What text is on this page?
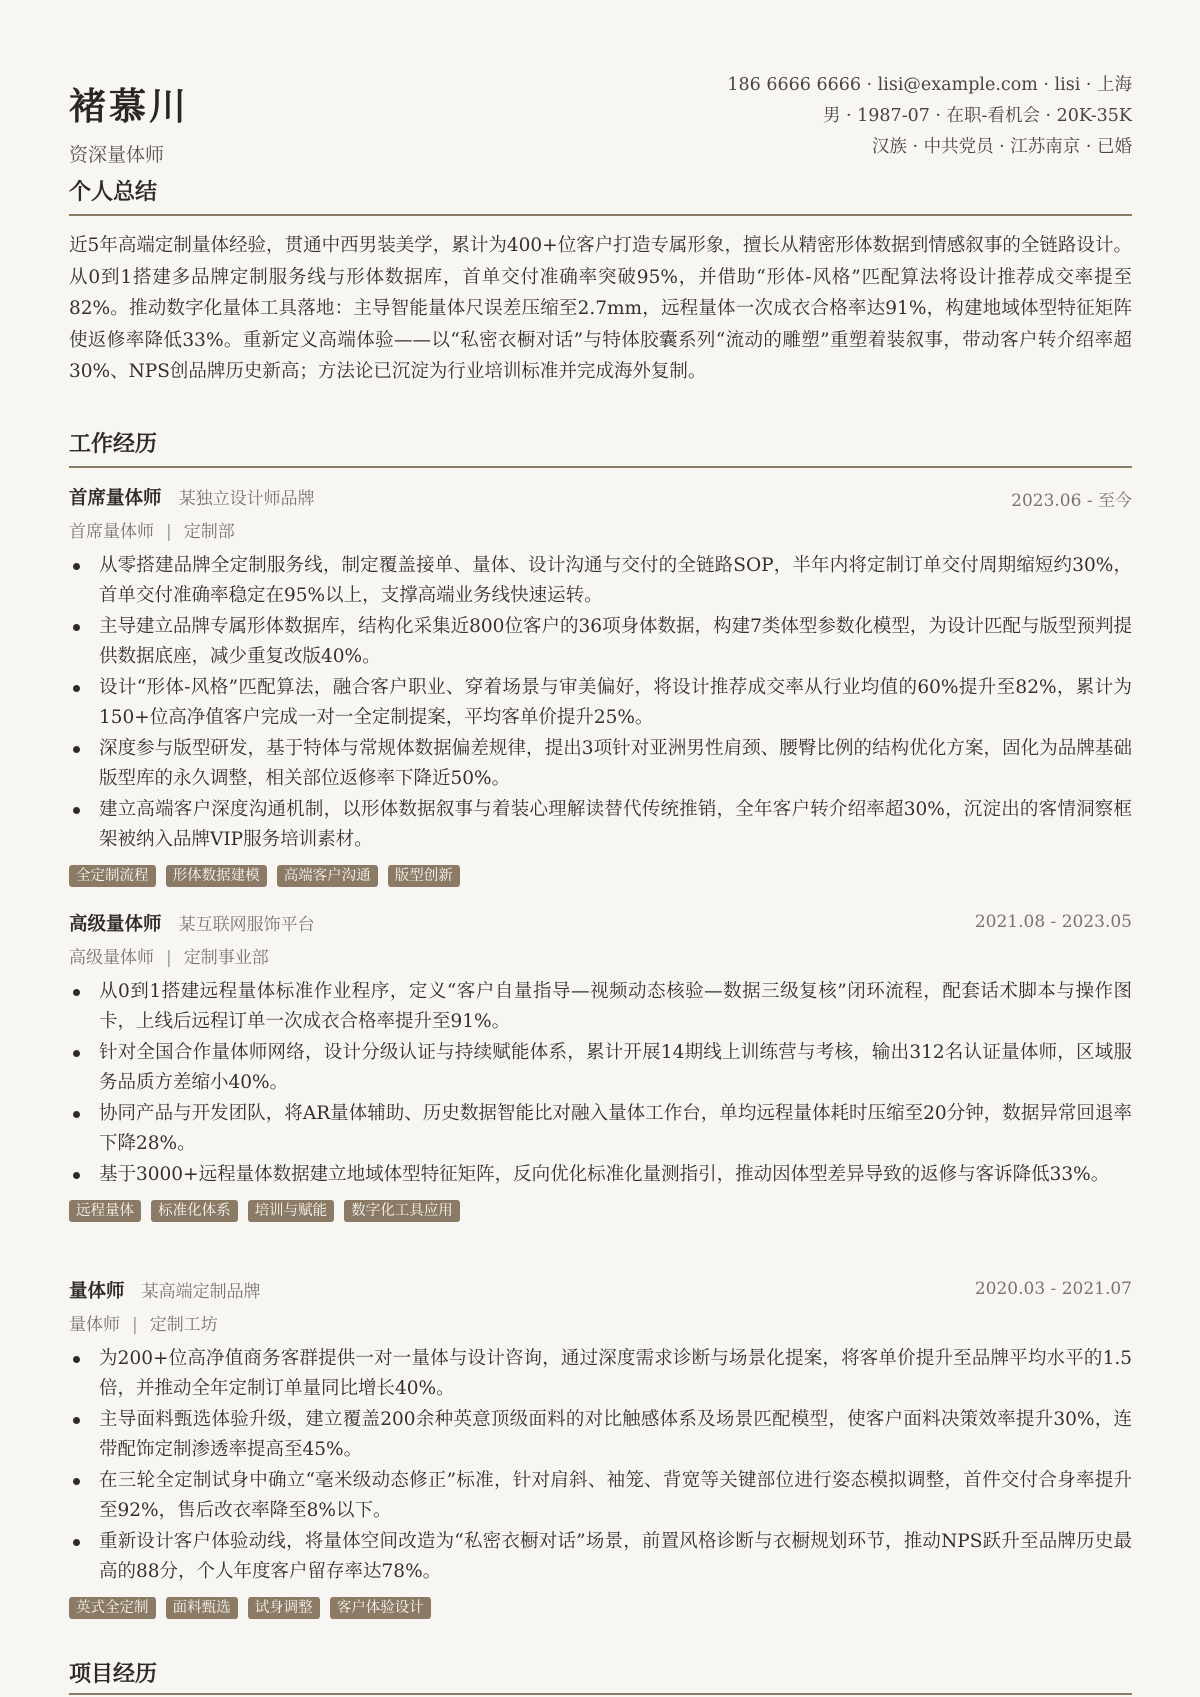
褚慕川
资深量体师
186 6666 6666 · lisi@example.com · lisi · 上海
男 · 1987-07 · 在职-看机会 · 20K-35K
汉族 · 中共党员 · 江苏南京 · 已婚
个人总结
近5年高端定制量体经验，贯通中西男装美学，累计为400+位客户打造专属形象，擅长从精密形体数据到情感叙事的全链路设计。从0到1搭建多品牌定制服务线与形体数据库，首单交付准确率突破95%，并借助“形体-风格”匹配算法将设计推荐成交率提至82%。推动数字化量体工具落地：主导智能量体尺误差压缩至2.7mm，远程量体一次成衣合格率达91%，构建地域体型特征矩阵使返修率降低33%。重新定义高端体验——以“私密衣橱对话”与特体胶囊系列“流动的雕塑”重塑着装叙事，带动客户转介绍率超30%、NPS创品牌历史新高；方法论已沉淀为行业培训标准并完成海外复制。
工作经历
首席量体师 某独立设计师品牌	2023.06 - 至今
首席量体师 | 定制部
从零搭建品牌全定制服务线，制定覆盖接单、量体、设计沟通与交付的全链路SOP，半年内将定制订单交付周期缩短约30%，首单交付准确率稳定在95%以上，支撑高端业务线快速运转。
主导建立品牌专属形体数据库，结构化采集近800位客户的36项身体数据，构建7类体型参数化模型，为设计匹配与版型预判提供数据底座，减少重复改版40%。
设计“形体-风格”匹配算法，融合客户职业、穿着场景与审美偏好，将设计推荐成交率从行业均值的60%提升至82%，累计为150+位高净值客户完成一对一全定制提案，平均客单价提升25%。
深度参与版型研发，基于特体与常规体数据偏差规律，提出3项针对亚洲男性肩颈、腰臀比例的结构优化方案，固化为品牌基础版型库的永久调整，相关部位返修率下降近50%。
建立高端客户深度沟通机制，以形体数据叙事与着装心理解读替代传统推销，全年客户转介绍率超30%，沉淀出的客情洞察框架被纳入品牌VIP服务培训素材。
全定制流程 形体数据建模 高端客户沟通 版型创新
高级量体师 某互联网服饰平台	2021.08 - 2023.05
高级量体师 | 定制事业部
从0到1搭建远程量体标准作业程序，定义“客户自量指导—视频动态核验—数据三级复核”闭环流程，配套话术脚本与操作图卡，上线后远程订单一次成衣合格率提升至91%。
针对全国合作量体师网络，设计分级认证与持续赋能体系，累计开展14期线上训练营与考核，输出312名认证量体师，区域服务品质方差缩小40%。
协同产品与开发团队，将AR量体辅助、历史数据智能比对融入量体工作台，单均远程量体耗时压缩至20分钟，数据异常回退率下降28%。
基于3000+远程量体数据建立地域体型特征矩阵，反向优化标准化量测指引，推动因体型差异导致的返修与客诉降低33%。
远程量体 标准化体系 培训与赋能 数字化工具应用
量体师 某高端定制品牌	2020.03 - 2021.07
量体师 | 定制工坊
为200+位高净值商务客群提供一对一量体与设计咨询，通过深度需求诊断与场景化提案，将客单价提升至品牌平均水平的1.5倍，并推动全年定制订单量同比增长40%。
主导面料甄选体验升级，建立覆盖200余种英意顶级面料的对比触感体系及场景匹配模型，使客户面料决策效率提升30%，连带配饰定制渗透率提高至45%。
在三轮全定制试身中确立“毫米级动态修正”标准，针对肩斜、袖笼、背宽等关键部位进行姿态模拟调整，首件交付合身率提升至92%，售后改衣率降至8%以下。
重新设计客户体验动线，将量体空间改造为“私密衣橱对话”场景，前置风格诊断与衣橱规划环节，推动NPS跃升至品牌历史最高的88分，个人年度客户留存率达78%。
英式全定制 面料甄选 试身调整 客户体验设计
项目经历
